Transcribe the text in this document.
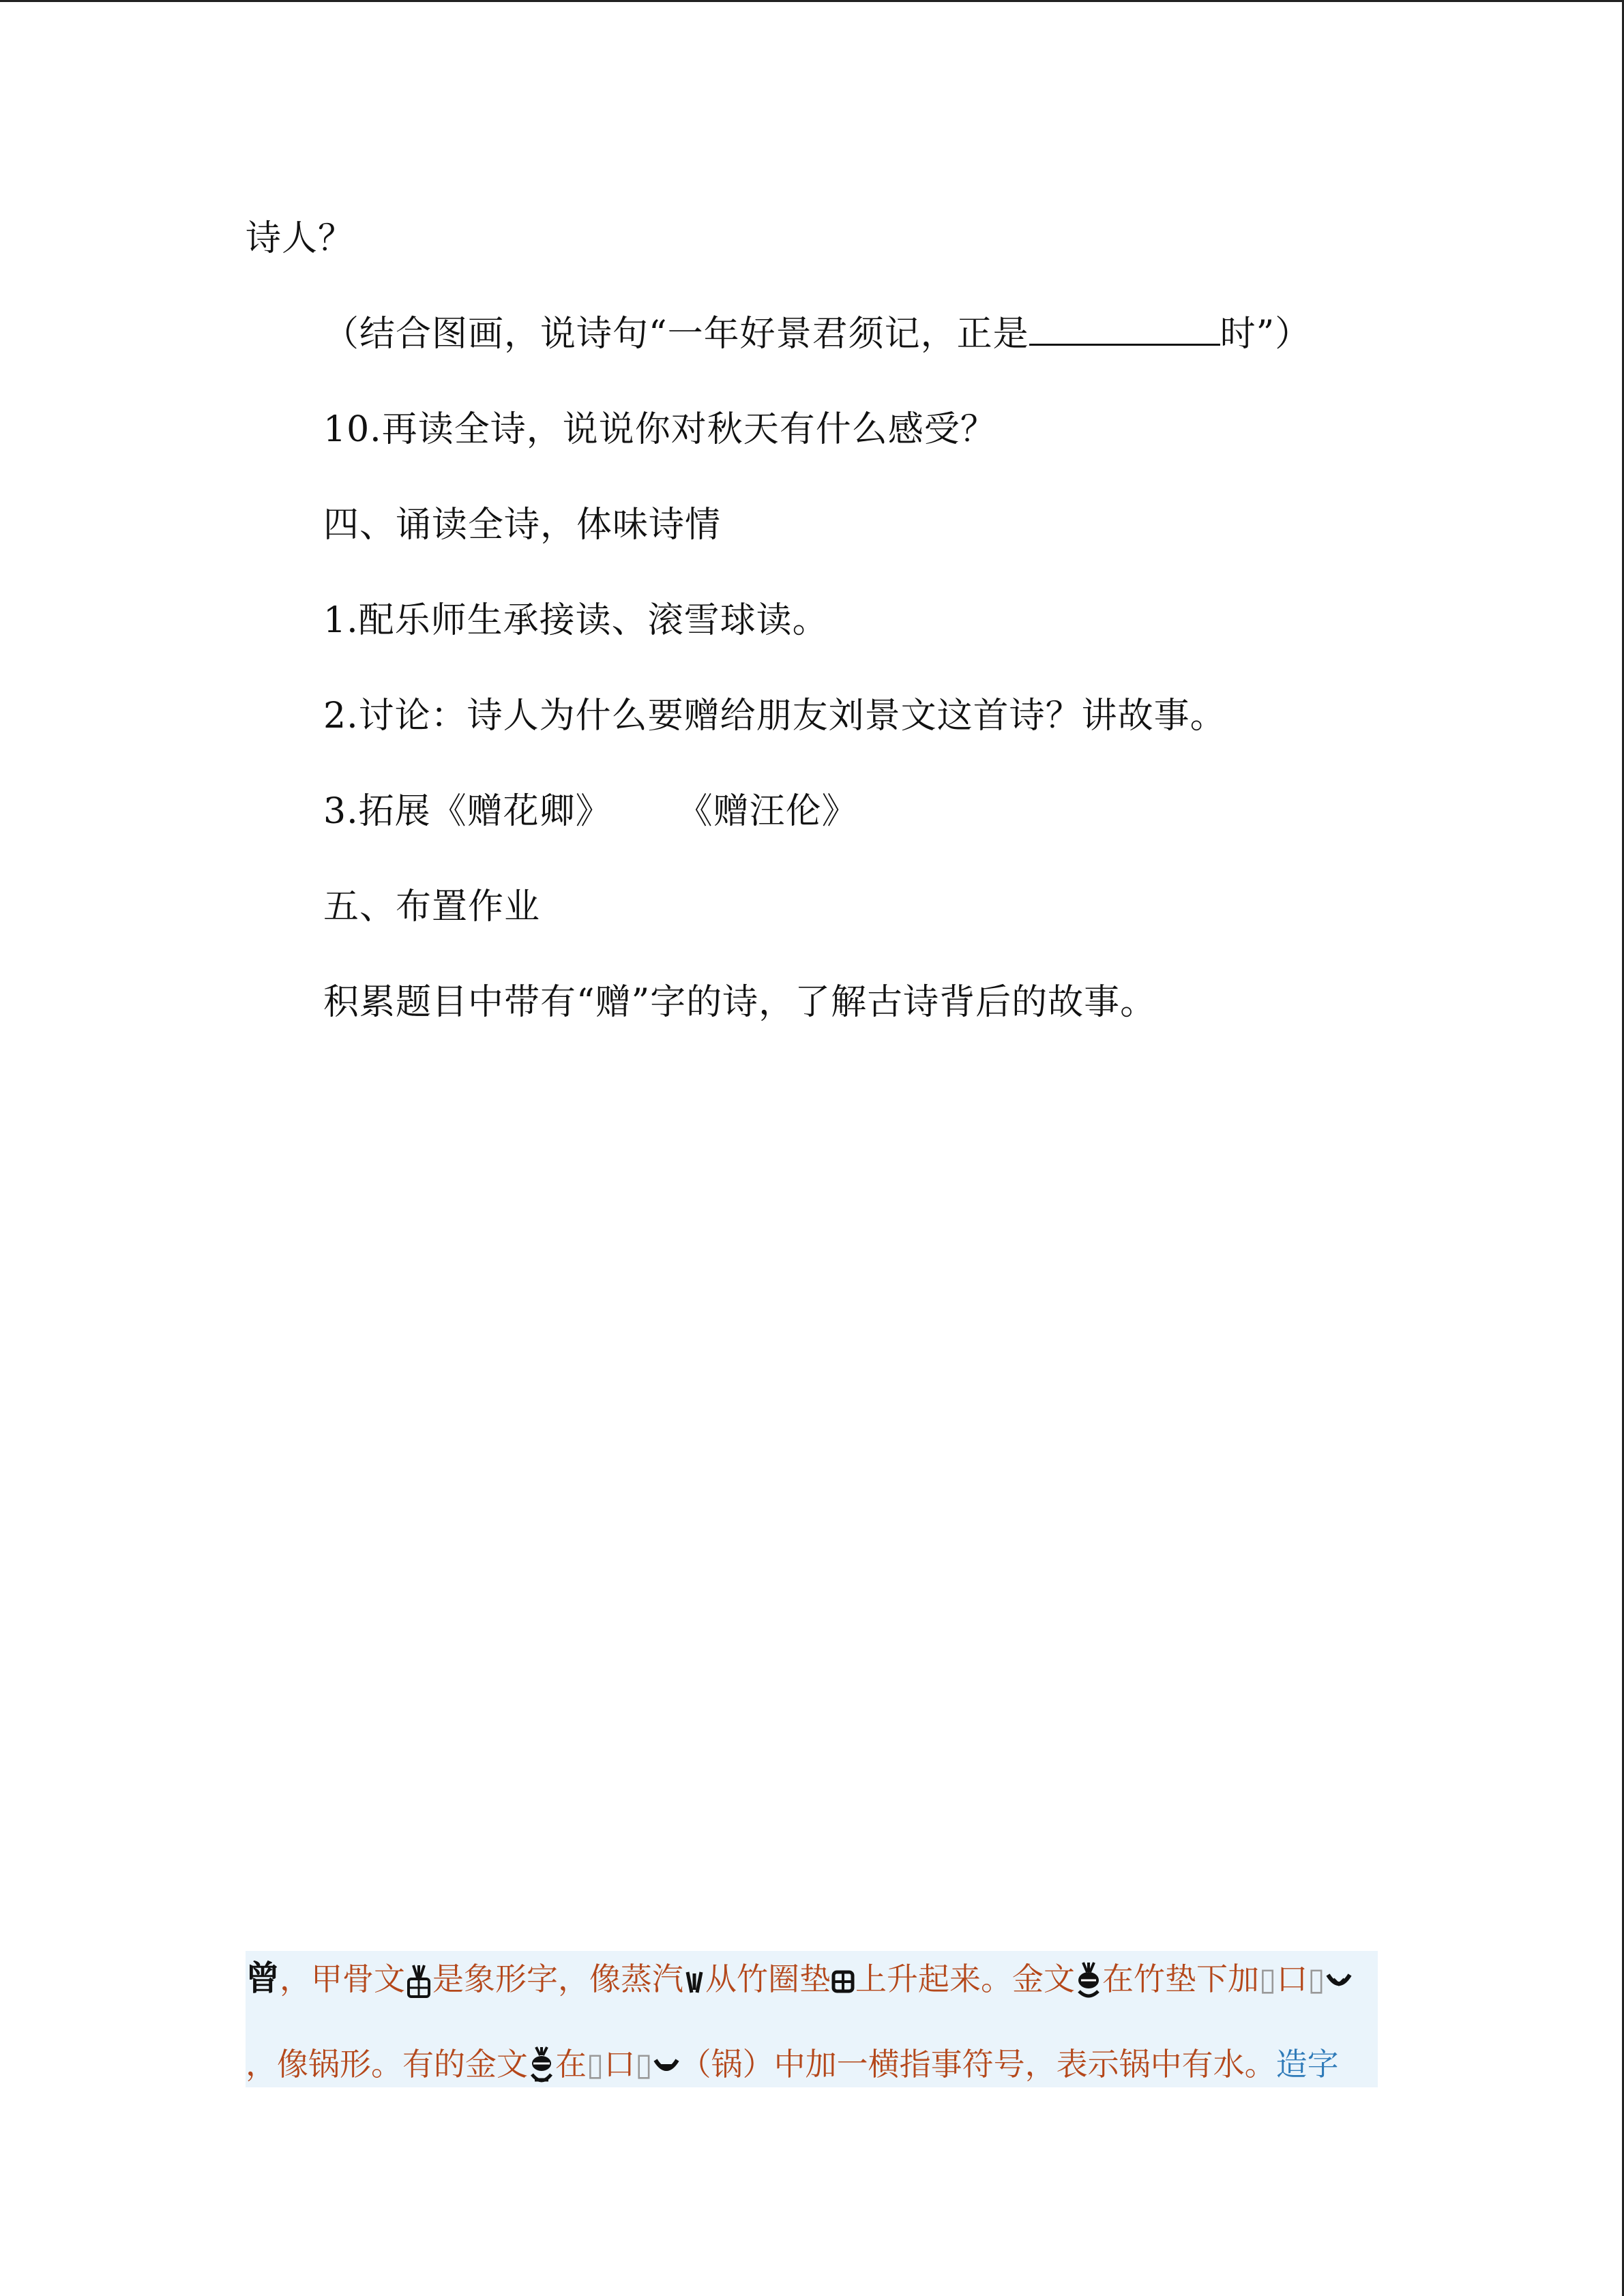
诗人？
（结合图画，说诗句“一年好景君须记，正是	时”）
10.再读全诗，说说你对秋天有什么感受？
四、诵读全诗，体味诗情
1.配乐师生承接读、滚雪球读。
2.讨论：诗人为什么要赠给朋友刘景文这首诗？讲故事。
3.拓展《赠花卿》 《赠汪伦》
五、布置作业
积累题目中带有“赠”字的诗，了解古诗背后的故事。
曾，甲骨文 是象形字，像蒸汽 从竹圈垫 上升起来。金文 在竹垫下加▯口▯
，像锅形。有的金文 在▯口▯ （锅）中加一横指事符号，表示锅中有水。造字
